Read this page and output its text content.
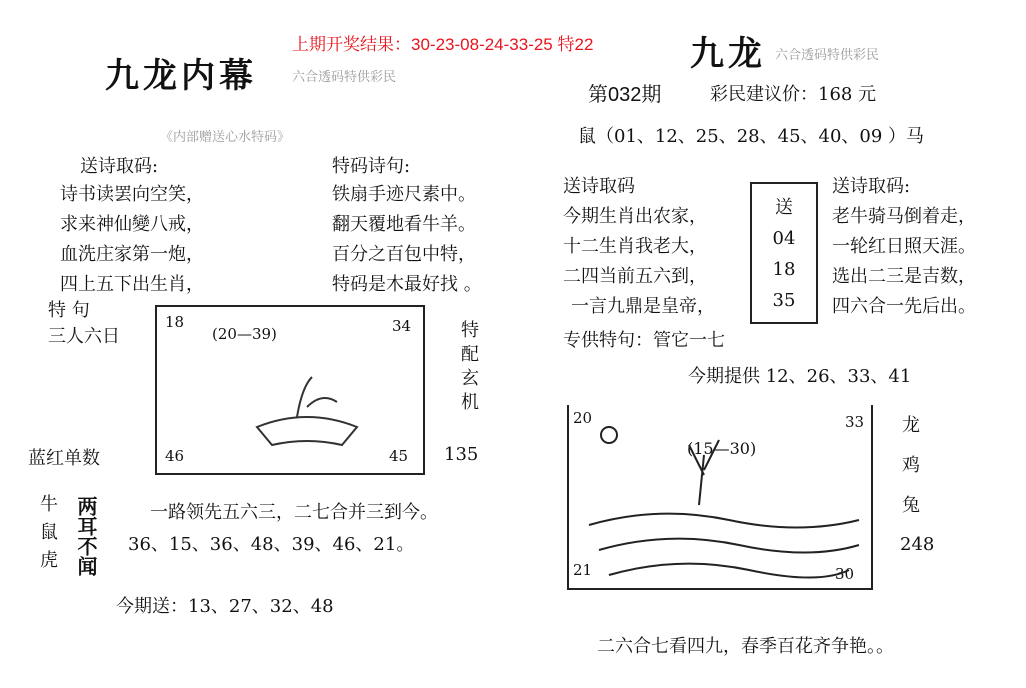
上期开奖结果：30-23-08-24-33-25 特22
九龙内幕	六合透码特供彩民
《内部赠送心水特码》
送诗取码:
诗书读罢向空笑，
求来神仙變八戒，
血洗庄家第一炮，
四上五下出生肖，
特码诗句:
铁扇手迹尺素中。
翻天覆地看牛羊。
百分之百包中特，
特码是木最好找 。
特 句
三人六日
18
(20—39)	34
46	45
特配玄机
蓝红单数	135
牛鼠虎 两耳不闻	一路领先五六三，二七合并三到今。
36、15、36、48、39、46、21。
今期送：13、27、32、48
九龙 六合透码特供彩民
第032期	彩民建议价：168 元
鼠（01、12、25、28、45、40、09 ）马
送诗取码
今期生肖出农家，
十二生肖我老大，
二四当前五六到，
一言九鼎是皇帝，
送
04
18
35
送诗取码:
老牛骑马倒着走，
一轮红日照天涯。
选出二三是吉数，
四六合一先后出。
专供特句：管它一七
今期提供 12、26、33、41
20
(15—30)
33
21	30
龙
鸡
兔
248
二六合七看四九，春季百花齐争艳。。
